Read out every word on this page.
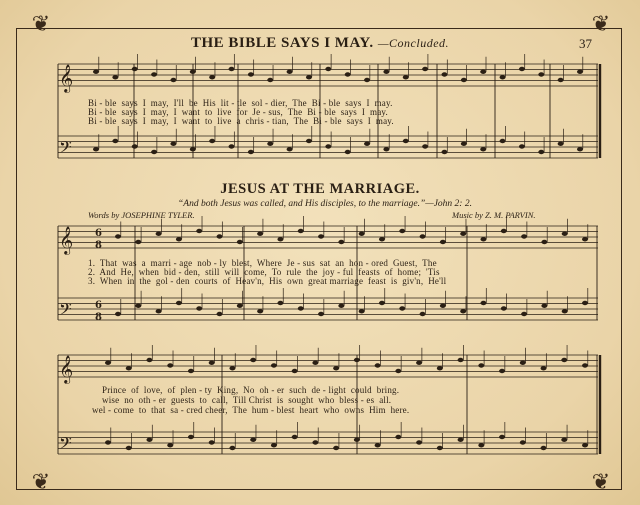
❦	❦
❦	❦
THE BIBLE SAYS I MAY. —Concluded.	37
𝄞
𝄢
𝄞
𝄢
6
8
6
8
𝄞
𝄢
Bi - ble  says  I  may,  I'll  be  His  lit - tle  sol - dier,  The  Bi - ble  says  I  may.
Bi - ble  says  I  may,  I  want  to  live  for  Je - sus,  The  Bi - ble  says  I  may.
Bi - ble  says  I  may,  I  want  to  live  a  chris - tian,  The  Bi - ble  says  I  may.
JESUS AT THE MARRIAGE.
“And both Jesus was called, and His disciples, to the marriage.”—John 2: 2.
Words by JOSEPHINE TYLER.	Music by Z. M. PARVIN.
1.  That  was  a  marri - age  nob - ly  blest,  Where  Je - sus  sat  an  hon - ored  Guest,  The
2.  And  He,  when  bid - den,  still  will  come,  To  rule  the  joy - ful  feasts  of  home;  'Tis
3.  When  in  the  gol - den  courts  of  Heav'n,  His  own  great marriage  feast  is  giv'n,  He'll
Prince  of  love,  of  plen - ty  King,  No  oh - er  such  de - light  could  bring.
wise  no  oth - er  guests  to  call,  Till Christ  is  sought  who  bless - es  all.
wel - come  to  that  sa - cred cheer,  The  hum - blest  heart  who  owns  Him  here.
